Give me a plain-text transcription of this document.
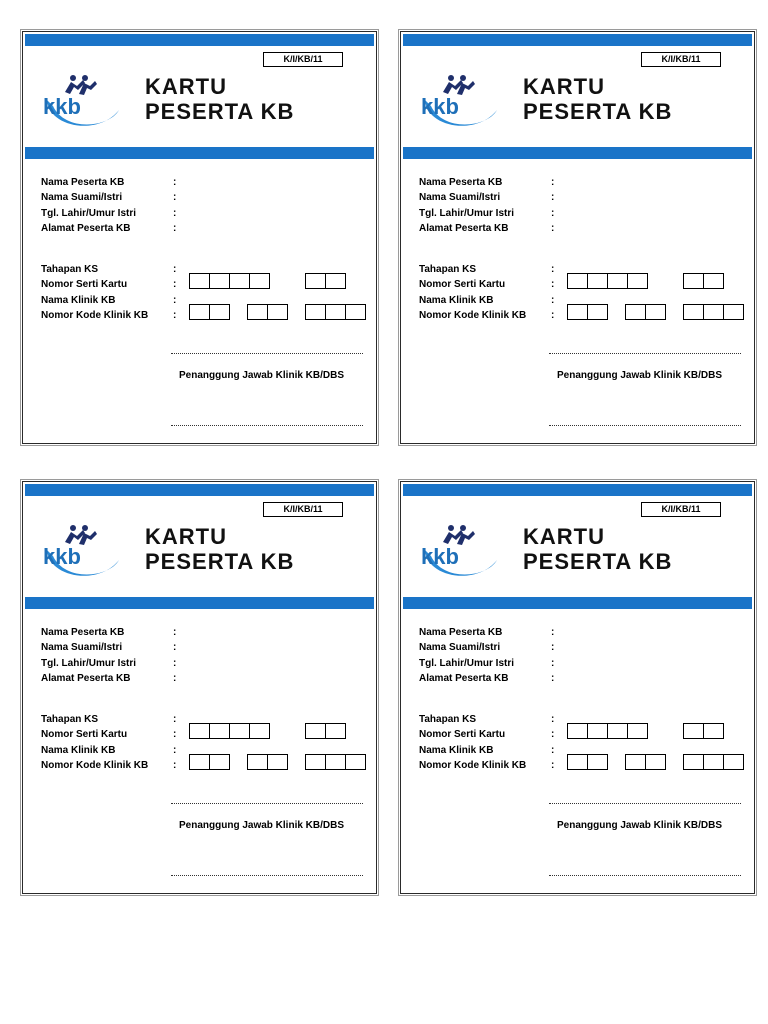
K/I/KB/11
kkb
KARTU
PESERTA KB
Nama Peserta KB	:
Nama Suami/Istri	:
Tgl. Lahir/Umur Istri	:
Alamat Peserta KB	:
Tahapan KS	:
Nomor Serti Kartu	:
Nama Klinik KB	:
Nomor Kode Klinik KB :
Penanggung Jawab Klinik KB/DBS
K/I/KB/11
kkb
KARTU
PESERTA KB
Nama Peserta KB	:
Nama Suami/Istri	:
Tgl. Lahir/Umur Istri	:
Alamat Peserta KB	:
Tahapan KS	:
Nomor Serti Kartu	:
Nama Klinik KB	:
Nomor Kode Klinik KB :
Penanggung Jawab Klinik KB/DBS
K/I/KB/11
kkb
KARTU
PESERTA KB
Nama Peserta KB	:
Nama Suami/Istri	:
Tgl. Lahir/Umur Istri	:
Alamat Peserta KB	:
Tahapan KS	:
Nomor Serti Kartu	:
Nama Klinik KB	:
Nomor Kode Klinik KB :
Penanggung Jawab Klinik KB/DBS
K/I/KB/11
kkb
KARTU
PESERTA KB
Nama Peserta KB	:
Nama Suami/Istri	:
Tgl. Lahir/Umur Istri	:
Alamat Peserta KB	:
Tahapan KS	:
Nomor Serti Kartu	:
Nama Klinik KB	:
Nomor Kode Klinik KB :
Penanggung Jawab Klinik KB/DBS
